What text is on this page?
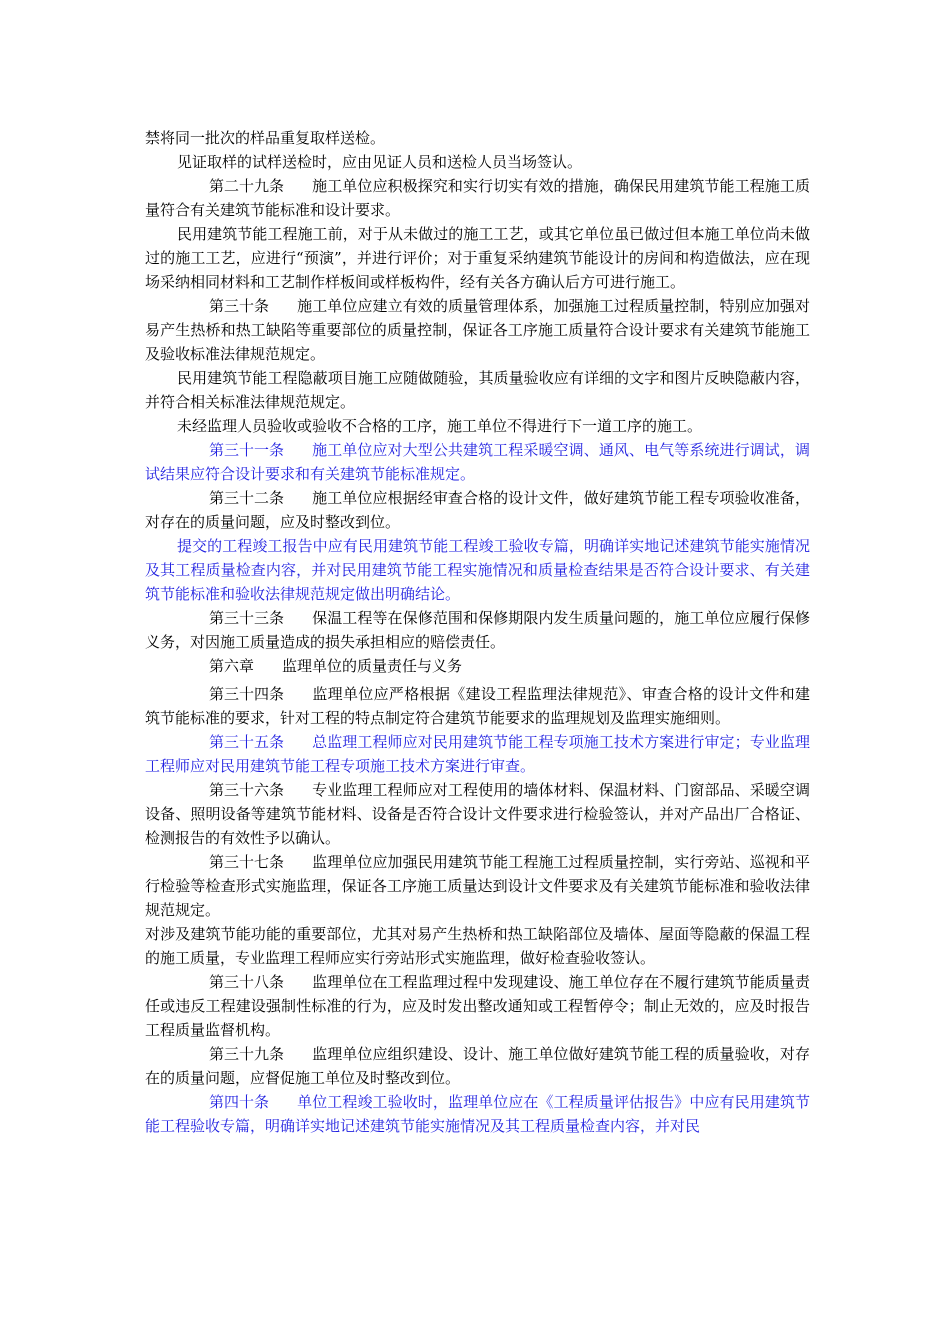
禁将同一批次的样品重复取样送检。

见证取样的试样送检时，应由见证人员和送检人员当场签认。

第二十九条 施工单位应积极探究和实行切实有效的措施，确保民用建筑节能工程施工质量符合有关建筑节能标准和设计要求。

民用建筑节能工程施工前，对于从未做过的施工工艺，或其它单位虽已做过但本施工单位尚未做过的施工工艺，应进行“预演”，并进行评价；对于重复采纳建筑节能设计的房间和构造做法，应在现场采纳相同材料和工艺制作样板间或样板构件，经有关各方确认后方可进行施工。

第三十条 施工单位应建立有效的质量管理体系，加强施工过程质量控制，特别应加强对易产生热桥和热工缺陷等重要部位的质量控制，保证各工序施工质量符合设计要求有关建筑节能施工及验收标准法律规范规定。

民用建筑节能工程隐蔽项目施工应随做随验，其质量验收应有详细的文字和图片反映隐蔽内容，并符合相关标准法律规范规定。

未经监理人员验收或验收不合格的工序，施工单位不得进行下一道工序的施工。

第三十一条 施工单位应对大型公共建筑工程采暖空调、通风、电气等系统进行调试，调试结果应符合设计要求和有关建筑节能标准规定。

第三十二条 施工单位应根据经审查合格的设计文件，做好建筑节能工程专项验收准备，对存在的质量问题，应及时整改到位。

提交的工程竣工报告中应有民用建筑节能工程竣工验收专篇，明确详实地记述建筑节能实施情况及其工程质量检查内容，并对民用建筑节能工程实施情况和质量检查结果是否符合设计要求、有关建筑节能标准和验收法律规范规定做出明确结论。

第三十三条 保温工程等在保修范围和保修期限内发生质量问题的，施工单位应履行保修义务，对因施工质量造成的损失承担相应的赔偿责任。

第六章 监理单位的质量责任与义务

第三十四条 监理单位应严格根据《建设工程监理法律规范》、审查合格的设计文件和建筑节能标准的要求，针对工程的特点制定符合建筑节能要求的监理规划及监理实施细则。

第三十五条 总监理工程师应对民用建筑节能工程专项施工技术方案进行审定；专业监理工程师应对民用建筑节能工程专项施工技术方案进行审查。

第三十六条 专业监理工程师应对工程使用的墙体材料、保温材料、门窗部品、采暖空调设备、照明设备等建筑节能材料、设备是否符合设计文件要求进行检验签认，并对产品出厂合格证、检测报告的有效性予以确认。

第三十七条 监理单位应加强民用建筑节能工程施工过程质量控制，实行旁站、巡视和平行检验等检查形式实施监理，保证各工序施工质量达到设计文件要求及有关建筑节能标准和验收法律规范规定。

对涉及建筑节能功能的重要部位，尤其对易产生热桥和热工缺陷部位及墙体、屋面等隐蔽的保温工程的施工质量，专业监理工程师应实行旁站形式实施监理，做好检查验收签认。

第三十八条 监理单位在工程监理过程中发现建设、施工单位存在不履行建筑节能质量责任或违反工程建设强制性标准的行为，应及时发出整改通知或工程暂停令；制止无效的，应及时报告工程质量监督机构。

第三十九条 监理单位应组织建设、设计、施工单位做好建筑节能工程的质量验收，对存在的质量问题，应督促施工单位及时整改到位。

第四十条 单位工程竣工验收时，监理单位应在《工程质量评估报告》中应有民用建筑节能工程验收专篇，明确详实地记述建筑节能实施情况及其工程质量检查内容，并对民
